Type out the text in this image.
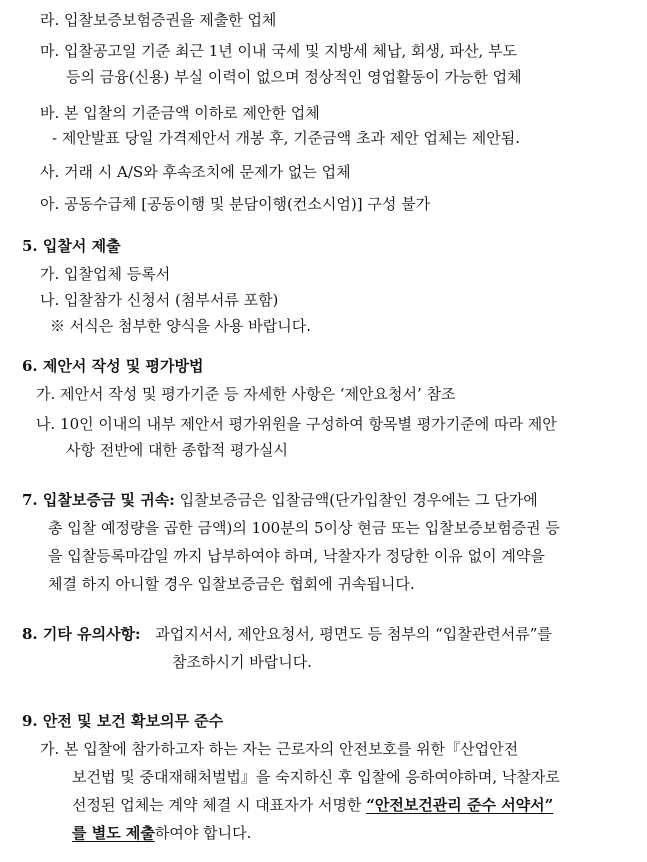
라. 입찰보증보험증권을 제출한 업체
마. 입찰공고일 기준 최근 1년 이내 국세 및 지방세 체납, 회생, 파산, 부도
등의 금융(신용) 부실 이력이 없으며 정상적인 영업활동이 가능한 업체
바. 본 입찰의 기준금액 이하로 제안한 업체
- 제안발표 당일 가격제안서 개봉 후, 기준금액 초과 제안 업체는 제안됨.
사. 거래 시 A/S와 후속조치에 문제가 없는 업체
아. 공동수급체 [공동이행 및 분담이행(컨소시엄)] 구성 불가
5. 입찰서 제출
가. 입찰업체 등록서
나. 입찰참가 신청서 (첨부서류 포함)
※ 서식은 첨부한 양식을 사용 바랍니다.
6. 제안서 작성 및 평가방법
가. 제안서 작성 및 평가기준 등 자세한 사항은 ‘제안요청서’ 참조
나. 10인 이내의 내부 제안서 평가위원을 구성하여 항목별 평가기준에 따라 제안
사항 전반에 대한 종합적 평가실시
7. 입찰보증금 및 귀속: 입찰보증금은 입찰금액(단가입찰인 경우에는 그 단가에
총 입찰 예정량을 곱한 금액)의 100분의 5이상 현금 또는 입찰보증보험증권 등
을 입찰등록마감일 까지 납부하여야 하며, 낙찰자가 정당한 이유 없이 계약을
체결 하지 아니할 경우 입찰보증금은 협회에 귀속됩니다.
8. 기타 유의사항: 과업지서서, 제안요청서, 평면도 등 첨부의 “입찰관련서류”를
참조하시기 바랍니다.
9. 안전 및 보건 확보의무 준수
가. 본 입찰에 참가하고자 하는 자는 근로자의 안전보호를 위한『산업안전
보건법 및 중대재해처벌법』을 숙지하신 후 입찰에 응하여야하며, 낙찰자로
선정된 업체는 계약 체결 시 대표자가 서명한 “안전보건관리 준수 서약서”
를 별도 제출하여야 합니다.
